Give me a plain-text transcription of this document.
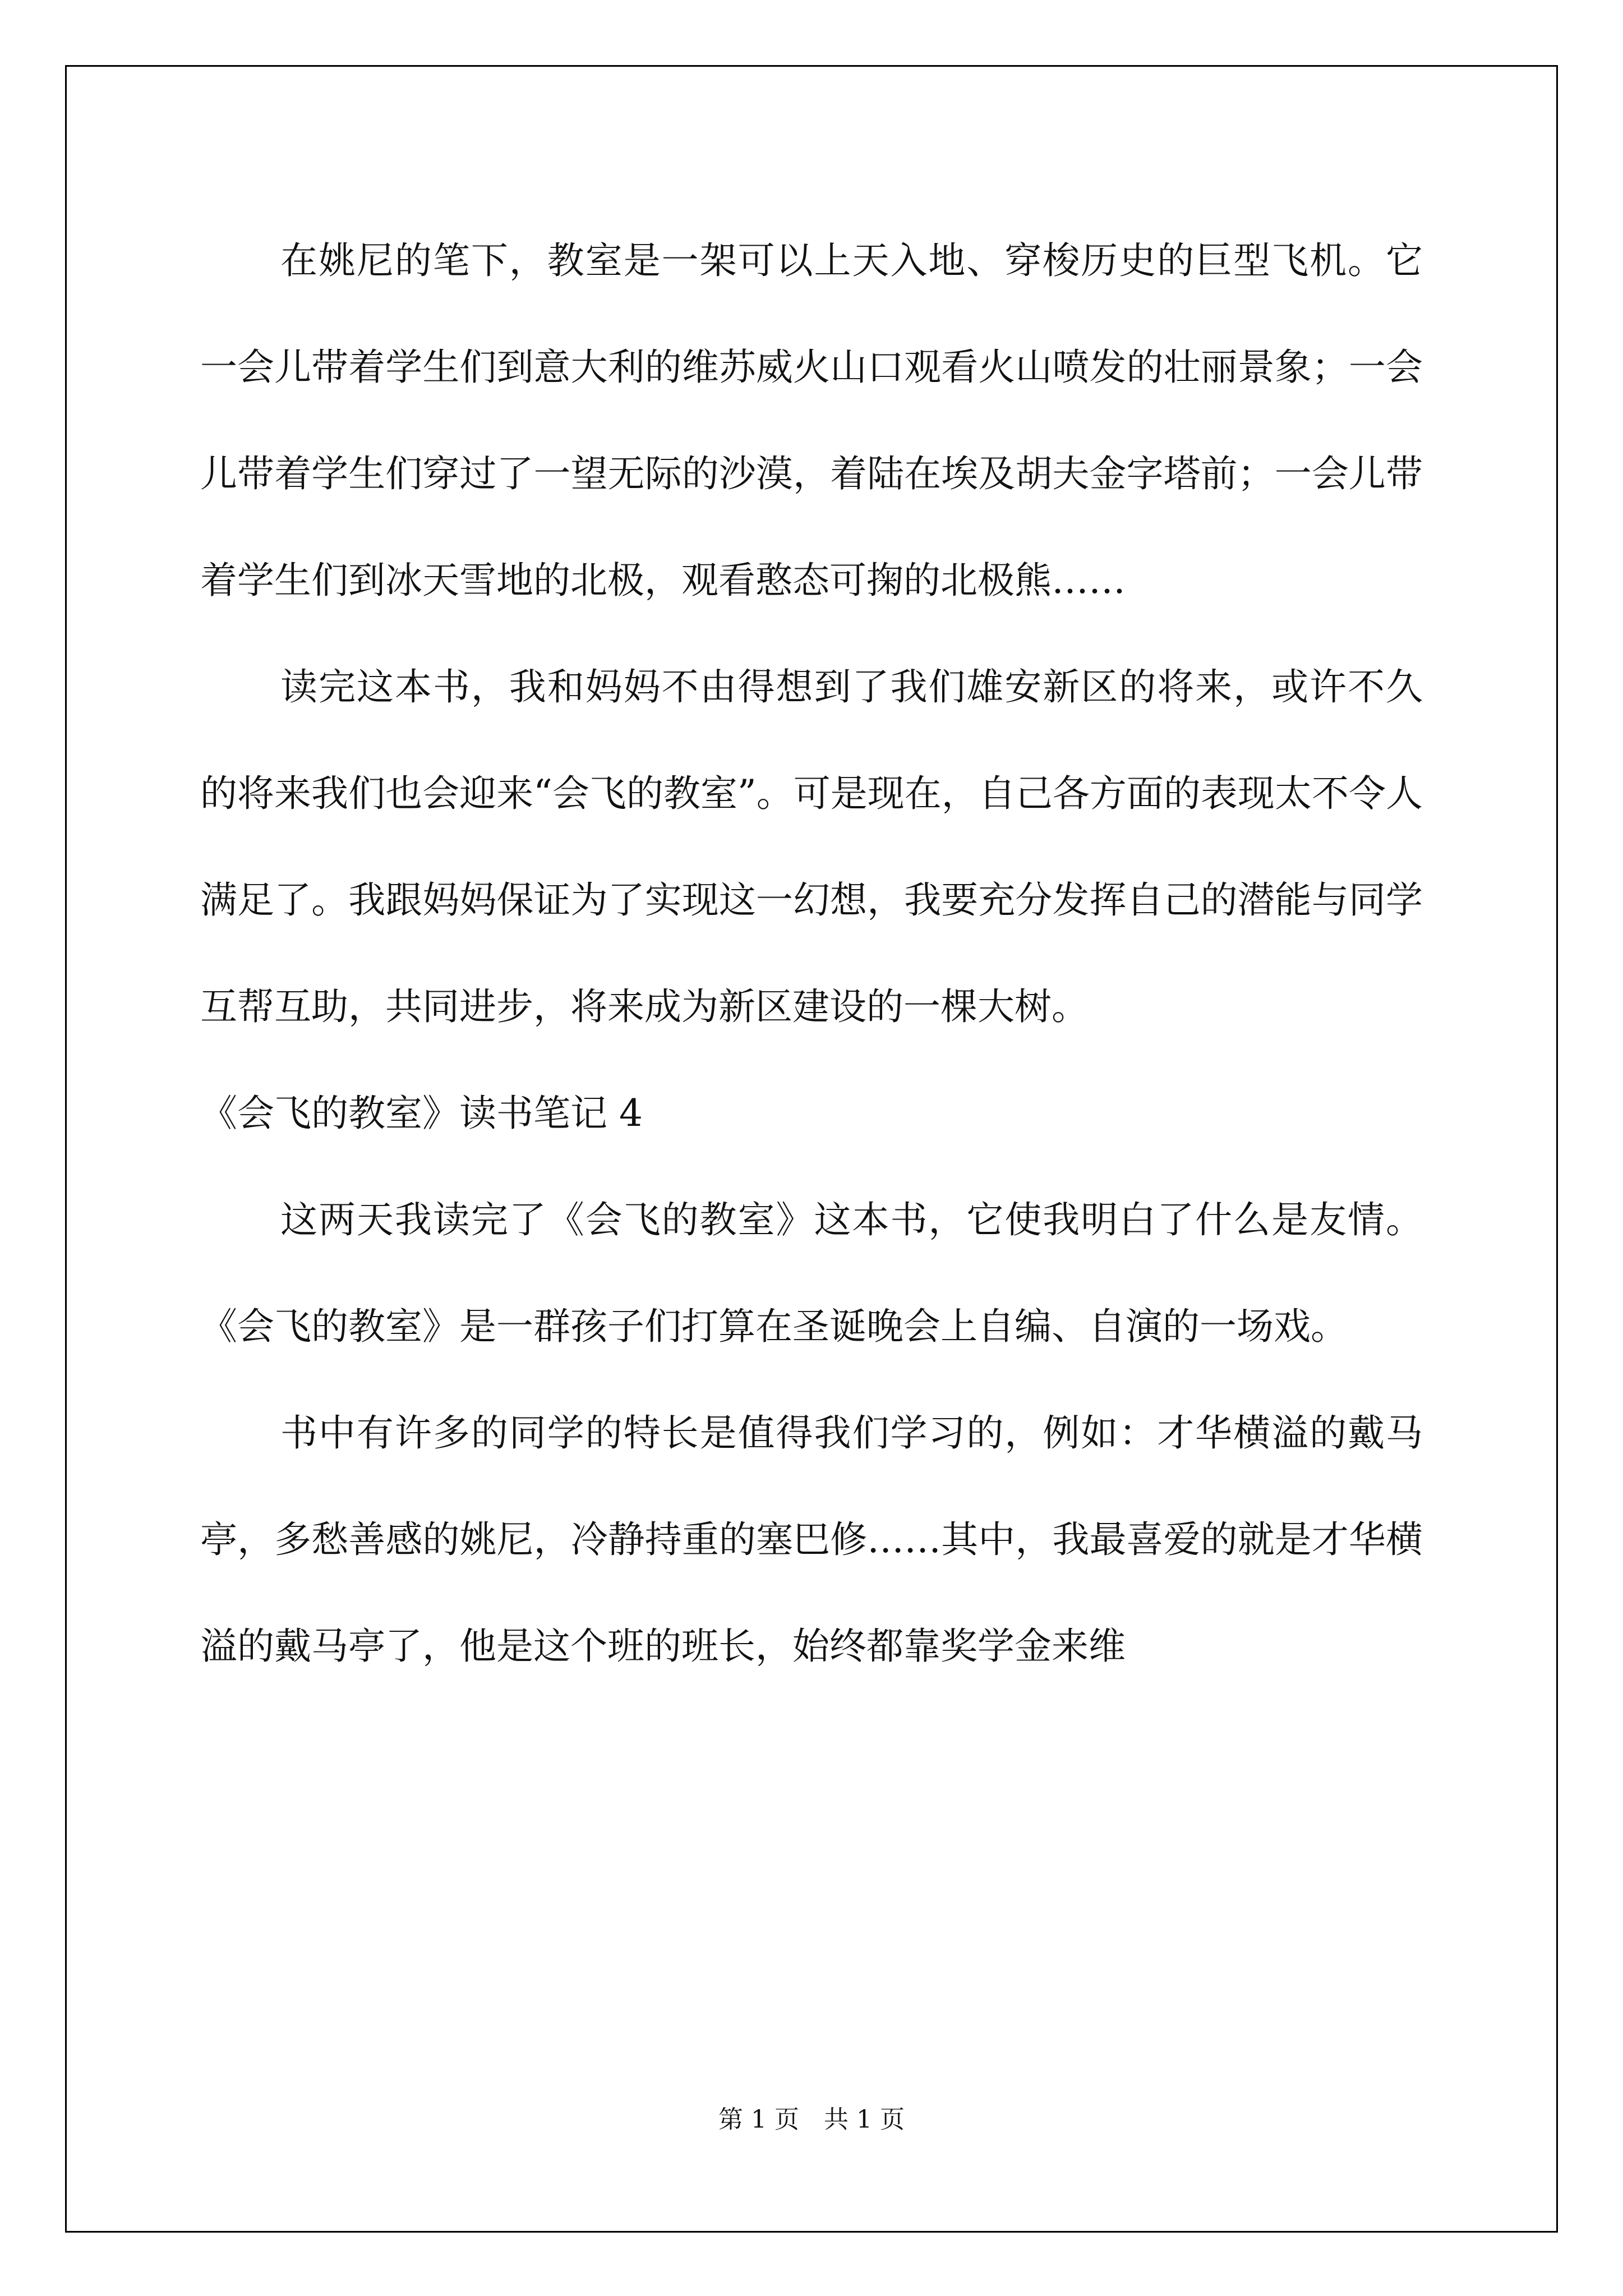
在姚尼的笔下，教室是一架可以上天入地、穿梭历史的巨型飞机。它一会儿带着学生们到意大利的维苏威火山口观看火山喷发的壮丽景象；一会儿带着学生们穿过了一望无际的沙漠，着陆在埃及胡夫金字塔前；一会儿带着学生们到冰天雪地的北极，观看憨态可掬的北极熊……

读完这本书，我和妈妈不由得想到了我们雄安新区的将来，或许不久的将来我们也会迎来“会飞的教室”。可是现在，自己各方面的表现太不令人满足了。我跟妈妈保证为了实现这一幻想，我要充分发挥自己的潜能与同学互帮互助，共同进步，将来成为新区建设的一棵大树。

《会飞的教室》读书笔记 4

这两天我读完了《会飞的教室》这本书，它使我明白了什么是友情。《会飞的教室》是一群孩子们打算在圣诞晚会上自编、自演的一场戏。

书中有许多的同学的特长是值得我们学习的，例如：才华横溢的戴马亭，多愁善感的姚尼，冷静持重的塞巴修……其中，我最喜爱的就是才华横溢的戴马亭了，他是这个班的班长，始终都靠奖学金来维

第 1 页　共 1 页
